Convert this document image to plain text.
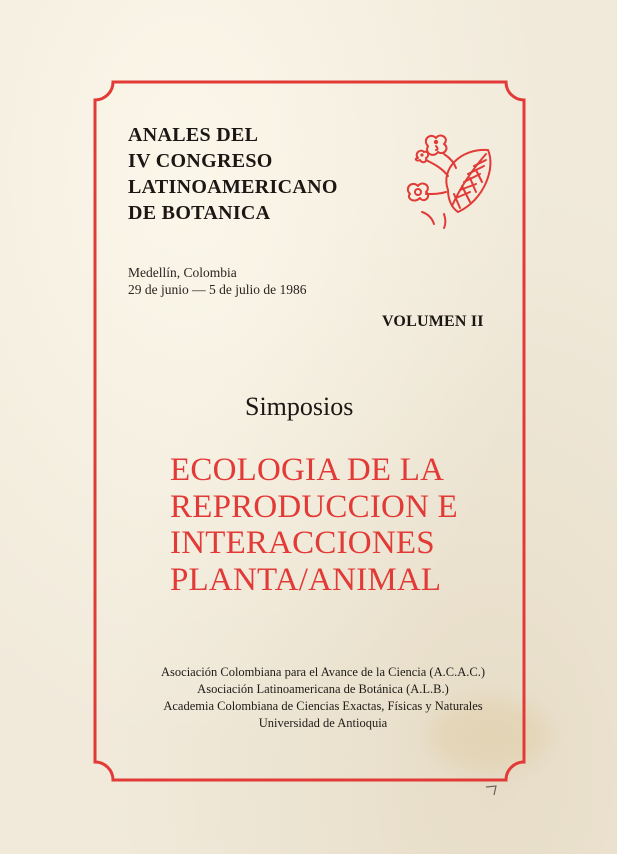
ANALES DEL
IV CONGRESO
LATINOAMERICANO
DE BOTANICA
Medellín, Colombia
29 de junio — 5 de julio de 1986
VOLUMEN II
Simposios
ECOLOGIA DE LA
REPRODUCCION E
INTERACCIONES
PLANTA/ANIMAL
Asociación Colombiana para el Avance de la Ciencia (A.C.A.C.)
Asociación Latinoamericana de Botánica (A.L.B.)
Academia Colombiana de Ciencias Exactas, Físicas y Naturales
Universidad de Antioquia
